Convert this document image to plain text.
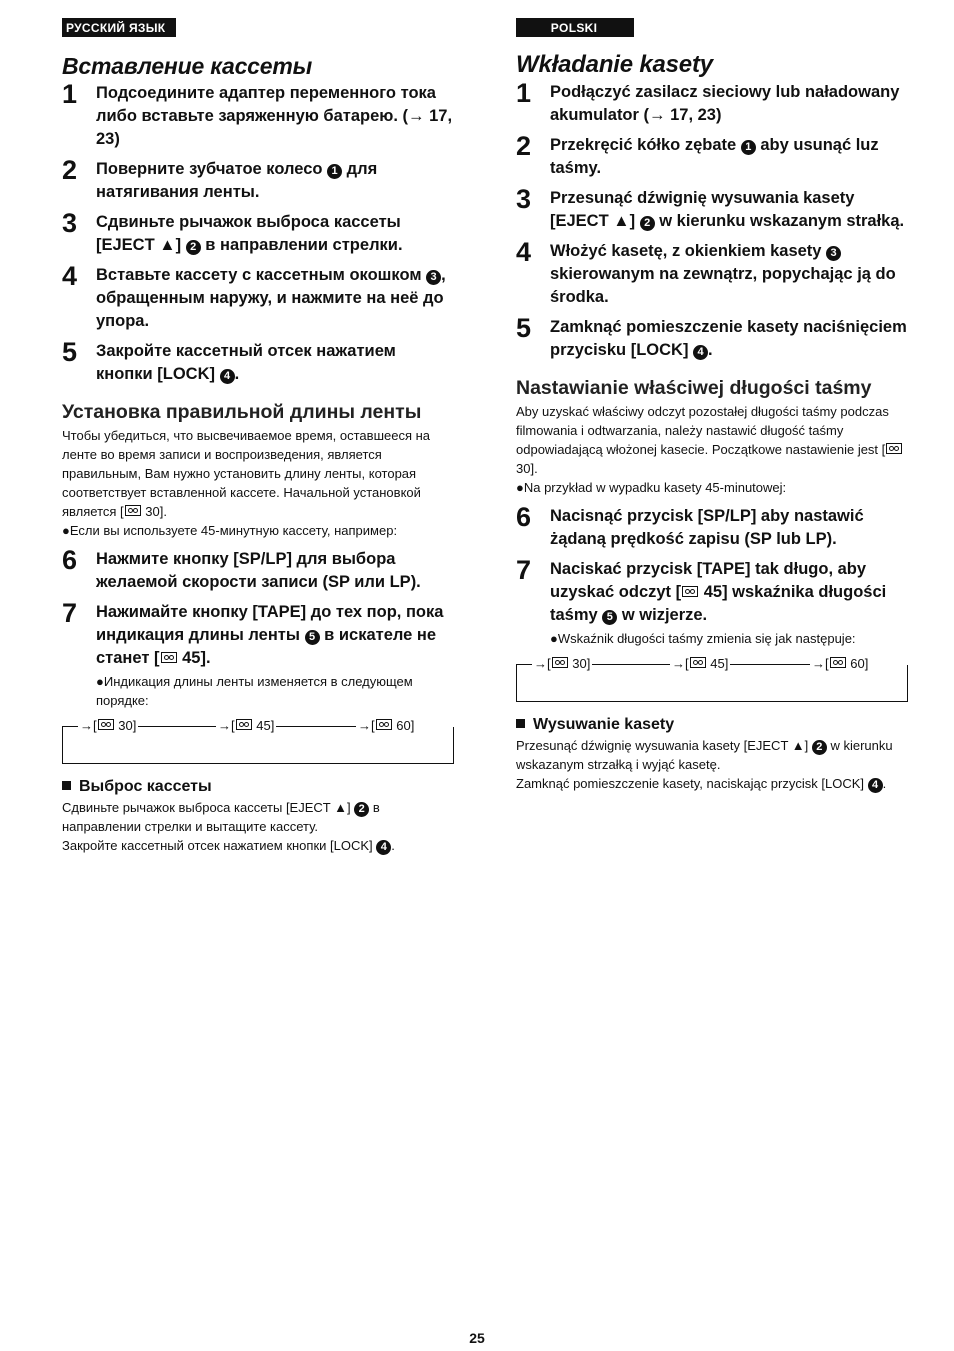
РУССКИЙ ЯЗЫК
Вставление кассеты
1 Подсоедините адаптер переменного тока либо вставьте заряженную батарею. (→ 17, 23)
2 Поверните зубчатое колесо 1 для натягивания ленты.
3 Сдвиньте рычажок выброса кассеты [EJECT ▲] 2 в направлении стрелки.
4 Вставьте кассету с кассетным окошком 3 , обращенным наружу, и нажмите на неё до упора.
5 Закройте кассетный отсек нажатием кнопки [LOCK] 4 .
Установка правильной длины ленты
Чтобы убедиться, что высвечиваемое время, оставшееся на ленте во время записи и воспроизведения, является правильным, Вам нужно установить длину ленты, которая соответствует вставленной кассете. Начальной установкой является [ 30].
●Если вы используете 45-минутную кассету, например:
6 Нажмите кнопку [SP/LP] для выбора желаемой скорости записи (SP или LP).
7 Нажимайте кнопку [TAPE] до тех пор, пока индикация длины ленты 5 в искателе не станет [ 45].
●Индикация длины ленты изменяется в следующем порядке:
→[ 30]	→[ 45]	→[ 60]
Выброс кассеты
Сдвиньте рычажок выброса кассеты [EJECT ▲] 2 в направлении стрелки и вытащите кассету.
Закройте кассетный отсек нажатием кнопки [LOCK] 4 .
POLSKI
Wkładanie kasety
1 Podłączyć zasilacz sieciowy lub naładowany akumulator (→ 17, 23)
2 Przekręcić kółko zębate 1 aby usunąć luz taśmy.
3 Przesunąć dźwignię wysuwania kasety [EJECT ▲] 2 w kierunku wskazanym strałką.
4 Włożyć kasetę, z okienkiem kasety 3 skierowanym na zewnątrz, popychając ją do środka.
5 Zamknąć pomieszczenie kasety naciśnięciem przycisku [LOCK] 4 .
Nastawianie właściwej długości taśmy
Aby uzyskać właściwy odczyt pozostałej długości taśmy podczas filmowania i odtwarzania, należy nastawić długość taśmy odpowiadającą włożonej kasecie. Początkowe nastawienie jest [ 30].
●Na przykład w wypadku kasety 45-minutowej:
6 Nacisnąć przycisk [SP/LP] aby nastawić żądaną prędkość zapisu (SP lub LP).
7 Naciskać przycisk [TAPE] tak długo, aby uzyskać odczyt [ 45] wskaźnika długości taśmy 5 w wizjerze.
●Wskaźnik długości taśmy zmienia się jak następuje:
→[ 30]	→[ 45]	→[ 60]
Wysuwanie kasety
Przesunąć dźwignię wysuwania kasety [EJECT ▲] 2 w kierunku wskazanym strzałką i wyjąć kasetę.
Zamknąć pomieszczenie kasety, naciskając przycisk [LOCK] 4 .
25
